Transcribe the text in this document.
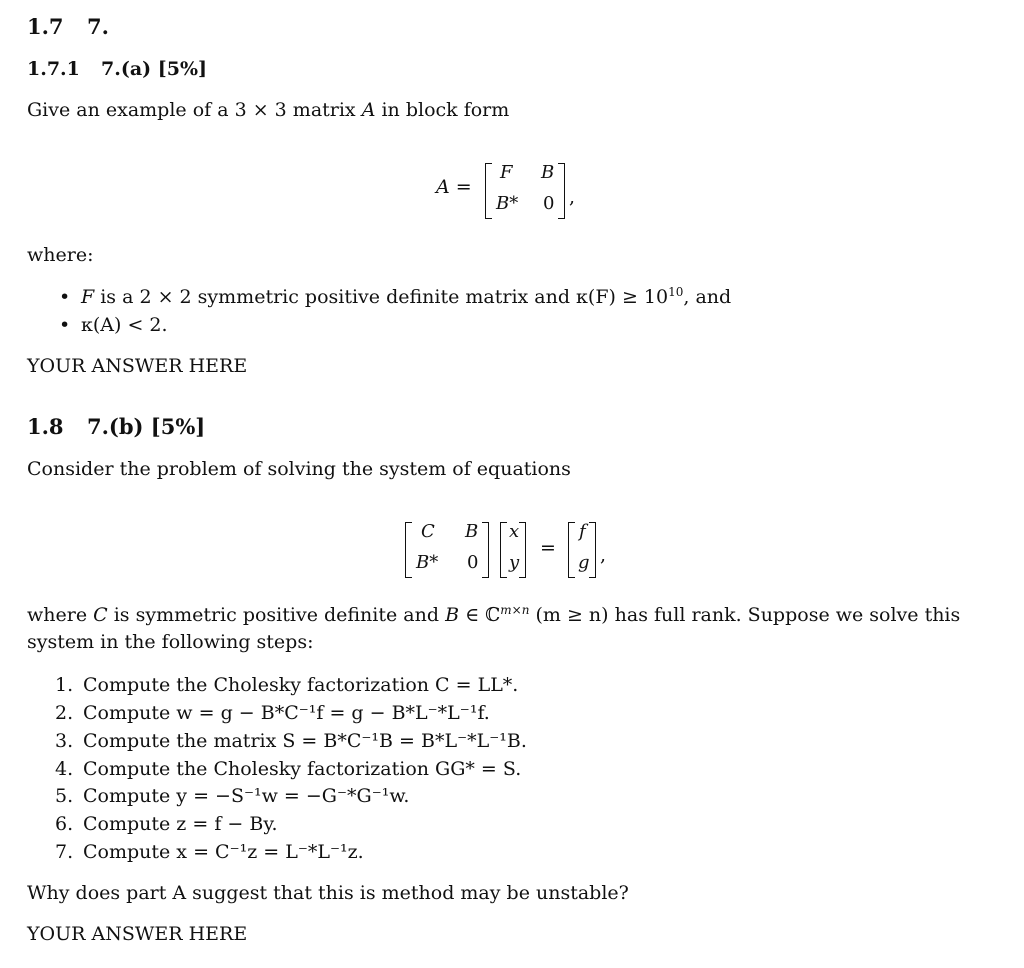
1.7 7.
1.7.1 7.(a) [5%]
Give an example of a 3 × 3 matrix A in block form
A =
F B
B* 0 ,
where:
• F is a 2 × 2 symmetric positive definite matrix and $\kappa(F) \ge 10^{10}$, and
• κ(A) < 2.
YOUR ANSWER HERE
1.8 7.(b) [5%]
Consider the problem of solving the system of equations
C B
B* 0
x
y
=
f
g ,
where C is symmetric positive definite and B ∈ ℂ$^{m\times n}$ (m ≥ n) has full rank. Suppose we solve this
system in the following steps:
1. Compute the Cholesky factorization C = LL*.
2. Compute w = g − B*C⁻¹f = g − B*L⁻*L⁻¹f.
3. Compute the matrix S = B*C⁻¹B = B*L⁻*L⁻¹B.
4. Compute the Cholesky factorization GG* = S.
5. Compute y = −S⁻¹w = −G⁻*G⁻¹w.
6. Compute z = f − By.
7. Compute x = C⁻¹z = L⁻*L⁻¹z.
Why does part A suggest that this is method may be unstable?
YOUR ANSWER HERE
